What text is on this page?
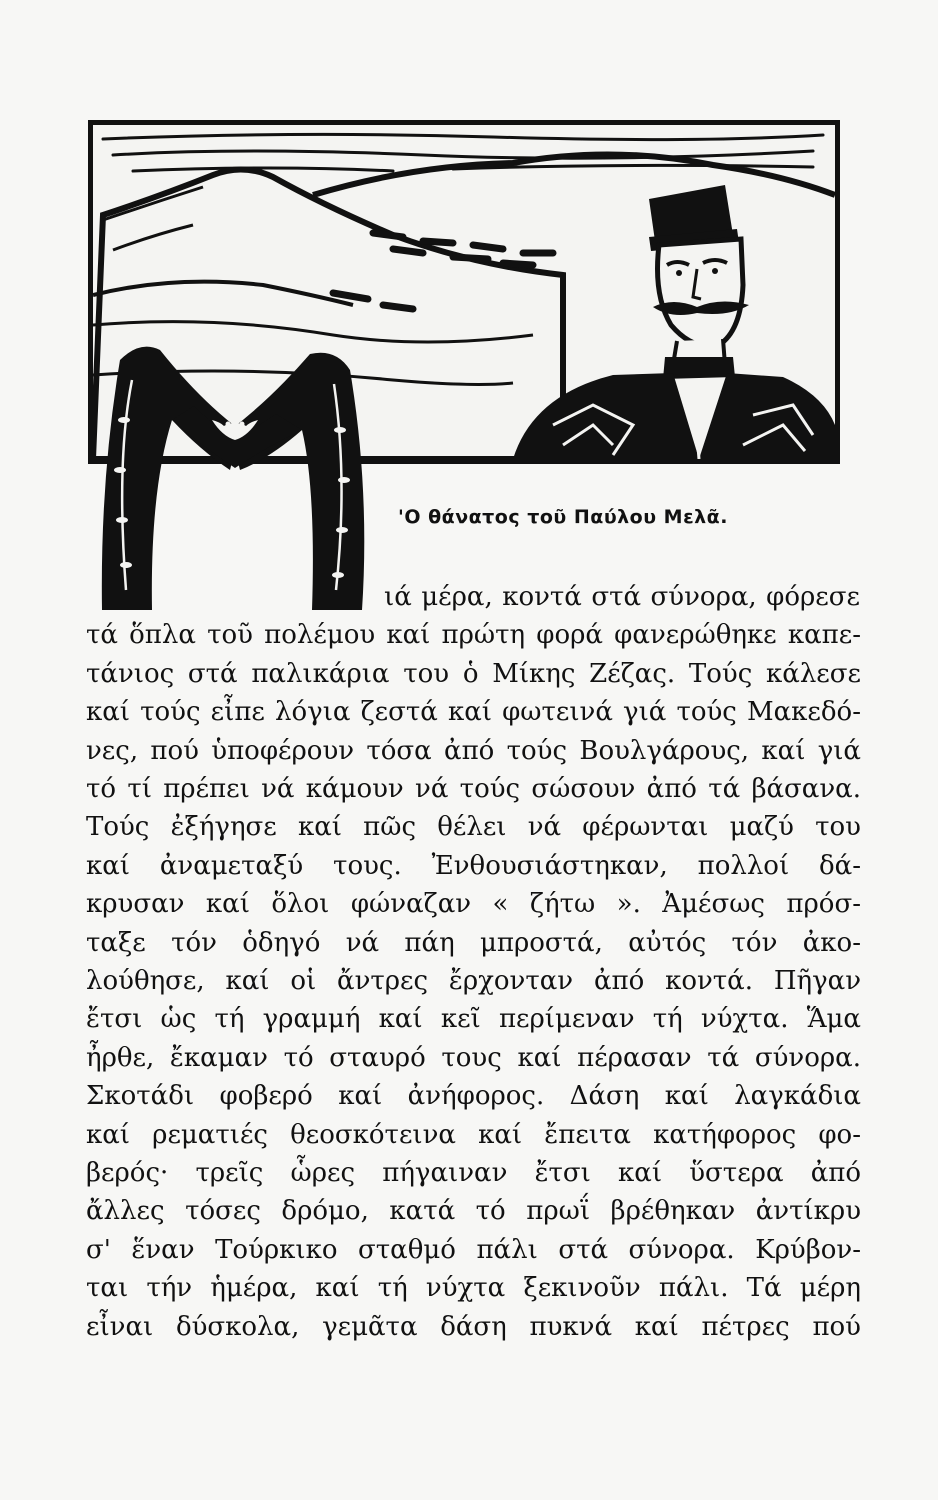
'Ο θάνατος τοῦ Παύλου Μελᾶ.
ιά μέρα, κοντά στά σύνορα, φόρεσε
τά ὅπλα τοῦ πολέμου καί πρώτη φορά φανερώθηκε καπε-
τάνιος στά παλικάρια του ὁ Μίκης Ζέζας. Τούς κάλεσε
καί τούς εἶπε λόγια ζεστά καί φωτεινά γιά τούς Μακεδό-
νες, πού ὑποφέρουν τόσα ἀπό τούς Βουλγάρους, καί γιά
τό τί πρέπει νά κάμουν νά τούς σώσουν ἀπό τά βάσανα.
Τούς ἐξήγησε καί πῶς θέλει νά φέρωνται μαζύ του
καί ἀναμεταξύ τους. Ἐνθουσιάστηκαν, πολλοί δά-
κρυσαν καί ὅλοι φώναζαν « ζήτω ». Ἀμέσως πρόσ-
ταξε τόν ὁδηγό νά πάη μπροστά, αὐτός τόν ἀκο-
λούθησε, καί οἱ ἄντρες ἔρχονταν ἀπό κοντά. Πῆγαν
ἔτσι ὡς τή γραμμή καί κεῖ περίμεναν τή νύχτα. Ἅμα
ἦρθε, ἔκαμαν τό σταυρό τους καί πέρασαν τά σύνορα.
Σκοτάδι φοβερό καί ἀνήφορος. Δάση καί λαγκάδια
καί ρεματιές θεοσκότεινα καί ἔπειτα κατήφορος φο-
βερός· τρεῖς ὧρες πήγαιναν ἔτσι καί ὕστερα ἀπό
ἄλλες τόσες δρόμο, κατά τό πρωΐ βρέθηκαν ἀντίκρυ
σ' ἕναν Τούρκικο σταθμό πάλι στά σύνορα. Κρύβον-
ται τήν ἡμέρα, καί τή νύχτα ξεκινοῦν πάλι. Τά μέρη
εἶναι δύσκολα, γεμᾶτα δάση πυκνά καί πέτρες πού
